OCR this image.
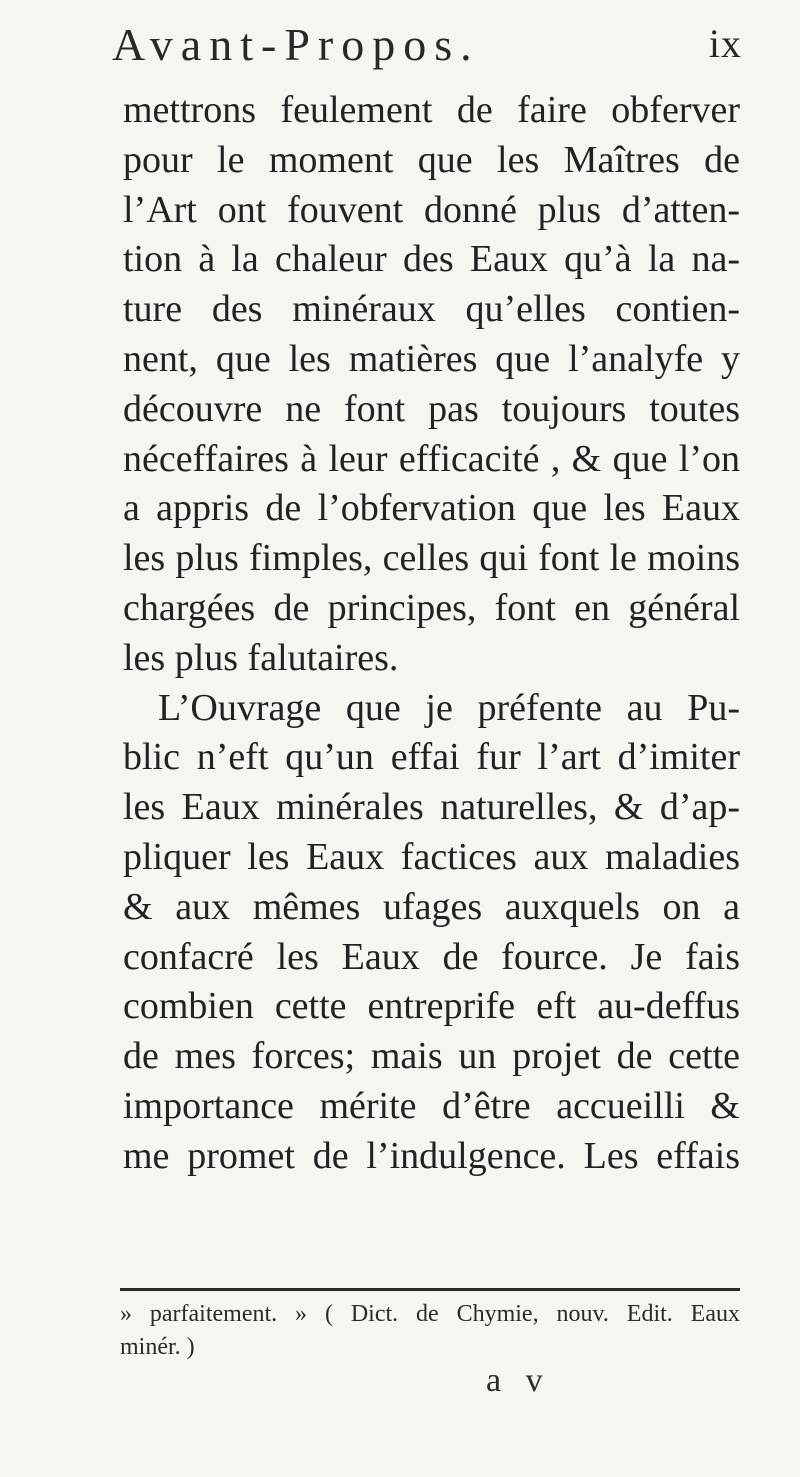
Avant-Propos.	ix
mettrons feulement de faire obferver
pour le moment que les Maîtres de
l’Art ont fouvent donné plus d’atten-
tion à la chaleur des Eaux qu’à la na-
ture des minéraux qu’elles contien-
nent, que les matières que l’analyfe y
découvre ne font pas toujours toutes
néceffaires à leur efficacité , & que l’on
a appris de l’obfervation que les Eaux
les plus fimples, celles qui font le moins
chargées de principes, font en général
les plus falutaires.
L’Ouvrage que je préfente au Pu-
blic n’eft qu’un effai fur l’art d’imiter
les Eaux minérales naturelles, & d’ap-
pliquer les Eaux factices aux maladies
& aux mêmes ufages auxquels on a
confacré les Eaux de fource. Je fais
combien cette entreprife eft au-deffus
de mes forces; mais un projet de cette
importance mérite d’être accueilli &
me promet de l’indulgence. Les effais
» parfaitement. » ( Dict. de Chymie, nouv. Edit. Eaux
minér. )
a v
